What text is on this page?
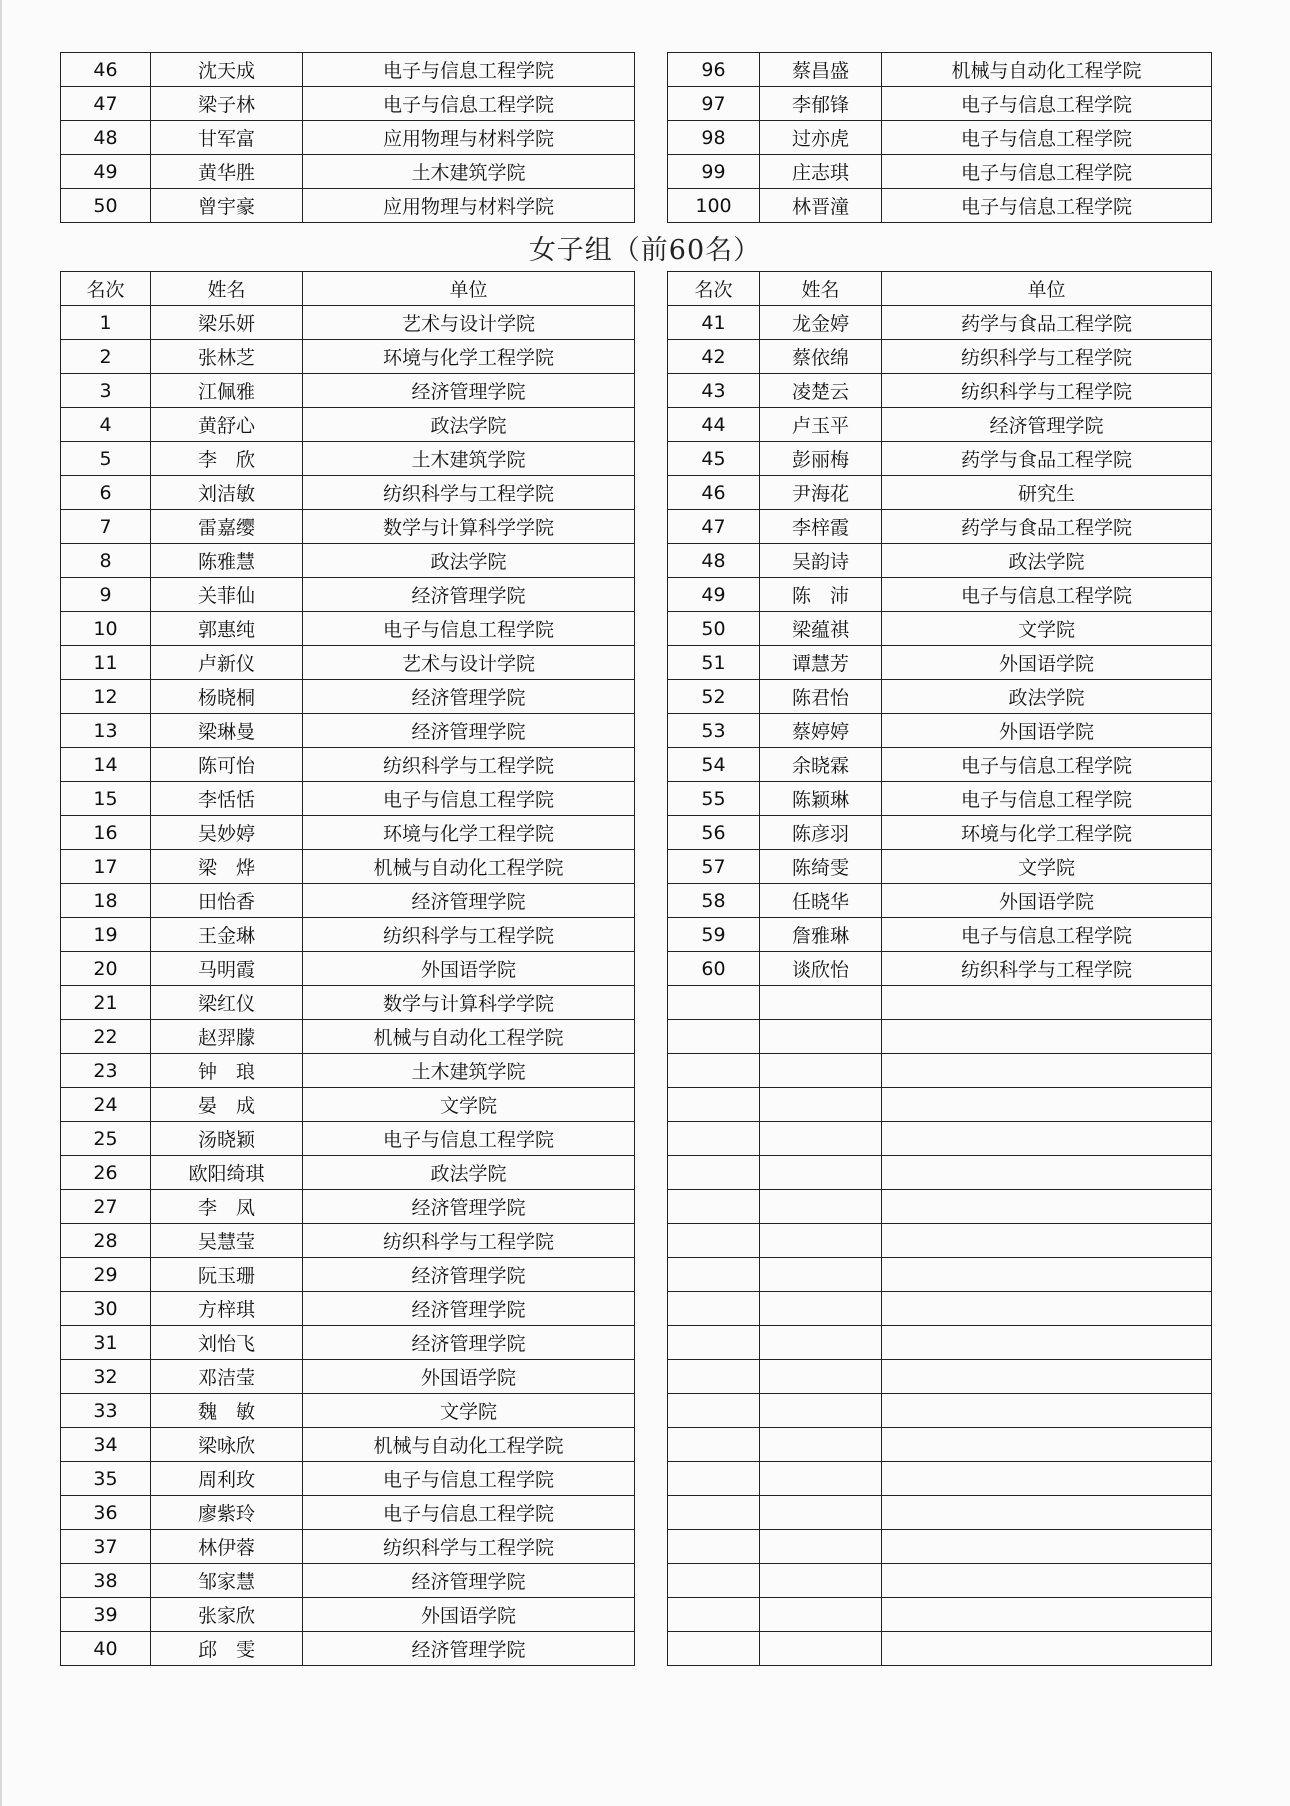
46	沈天成	电子与信息工程学院
47	梁子林	电子与信息工程学院
48	甘军富	应用物理与材料学院
49	黄华胜	土木建筑学院
50	曾宇豪	应用物理与材料学院
96	蔡昌盛	机械与自动化工程学院
97	李郁锋	电子与信息工程学院
98	过亦虎	电子与信息工程学院
99	庄志琪	电子与信息工程学院
100	林晋潼	电子与信息工程学院
女子组（前60名）
名次	姓名	单位
1	梁乐妍	艺术与设计学院
2	张林芝	环境与化学工程学院
3	江佩雅	经济管理学院
4	黄舒心	政法学院
5	李　欣	土木建筑学院
6	刘洁敏	纺织科学与工程学院
7	雷嘉缨	数学与计算科学学院
8	陈雅慧	政法学院
9	关菲仙	经济管理学院
10	郭惠纯	电子与信息工程学院
11	卢新仪	艺术与设计学院
12	杨晓桐	经济管理学院
13	梁琳曼	经济管理学院
14	陈可怡	纺织科学与工程学院
15	李恬恬	电子与信息工程学院
16	吴妙婷	环境与化学工程学院
17	梁　烨	机械与自动化工程学院
18	田怡香	经济管理学院
19	王金琳	纺织科学与工程学院
20	马明霞	外国语学院
21	梁红仪	数学与计算科学学院
22	赵羿朦	机械与自动化工程学院
23	钟　琅	土木建筑学院
24	晏　成	文学院
25	汤晓颖	电子与信息工程学院
26	欧阳绮琪	政法学院
27	李　凤	经济管理学院
28	吴慧莹	纺织科学与工程学院
29	阮玉珊	经济管理学院
30	方梓琪	经济管理学院
31	刘怡飞	经济管理学院
32	邓洁莹	外国语学院
33	魏　敏	文学院
34	梁咏欣	机械与自动化工程学院
35	周利玫	电子与信息工程学院
36	廖紫玲	电子与信息工程学院
37	林伊蓉	纺织科学与工程学院
38	邹家慧	经济管理学院
39	张家欣	外国语学院
40	邱　雯	经济管理学院
名次	姓名	单位
41	龙金婷	药学与食品工程学院
42	蔡依绵	纺织科学与工程学院
43	凌楚云	纺织科学与工程学院
44	卢玉平	经济管理学院
45	彭丽梅	药学与食品工程学院
46	尹海花	研究生
47	李梓霞	药学与食品工程学院
48	吴韵诗	政法学院
49	陈　沛	电子与信息工程学院
50	梁蕴祺	文学院
51	谭慧芳	外国语学院
52	陈君怡	政法学院
53	蔡婷婷	外国语学院
54	余晓霖	电子与信息工程学院
55	陈颖琳	电子与信息工程学院
56	陈彦羽	环境与化学工程学院
57	陈绮雯	文学院
58	任晓华	外国语学院
59	詹雅琳	电子与信息工程学院
60	谈欣怡	纺织科学与工程学院
